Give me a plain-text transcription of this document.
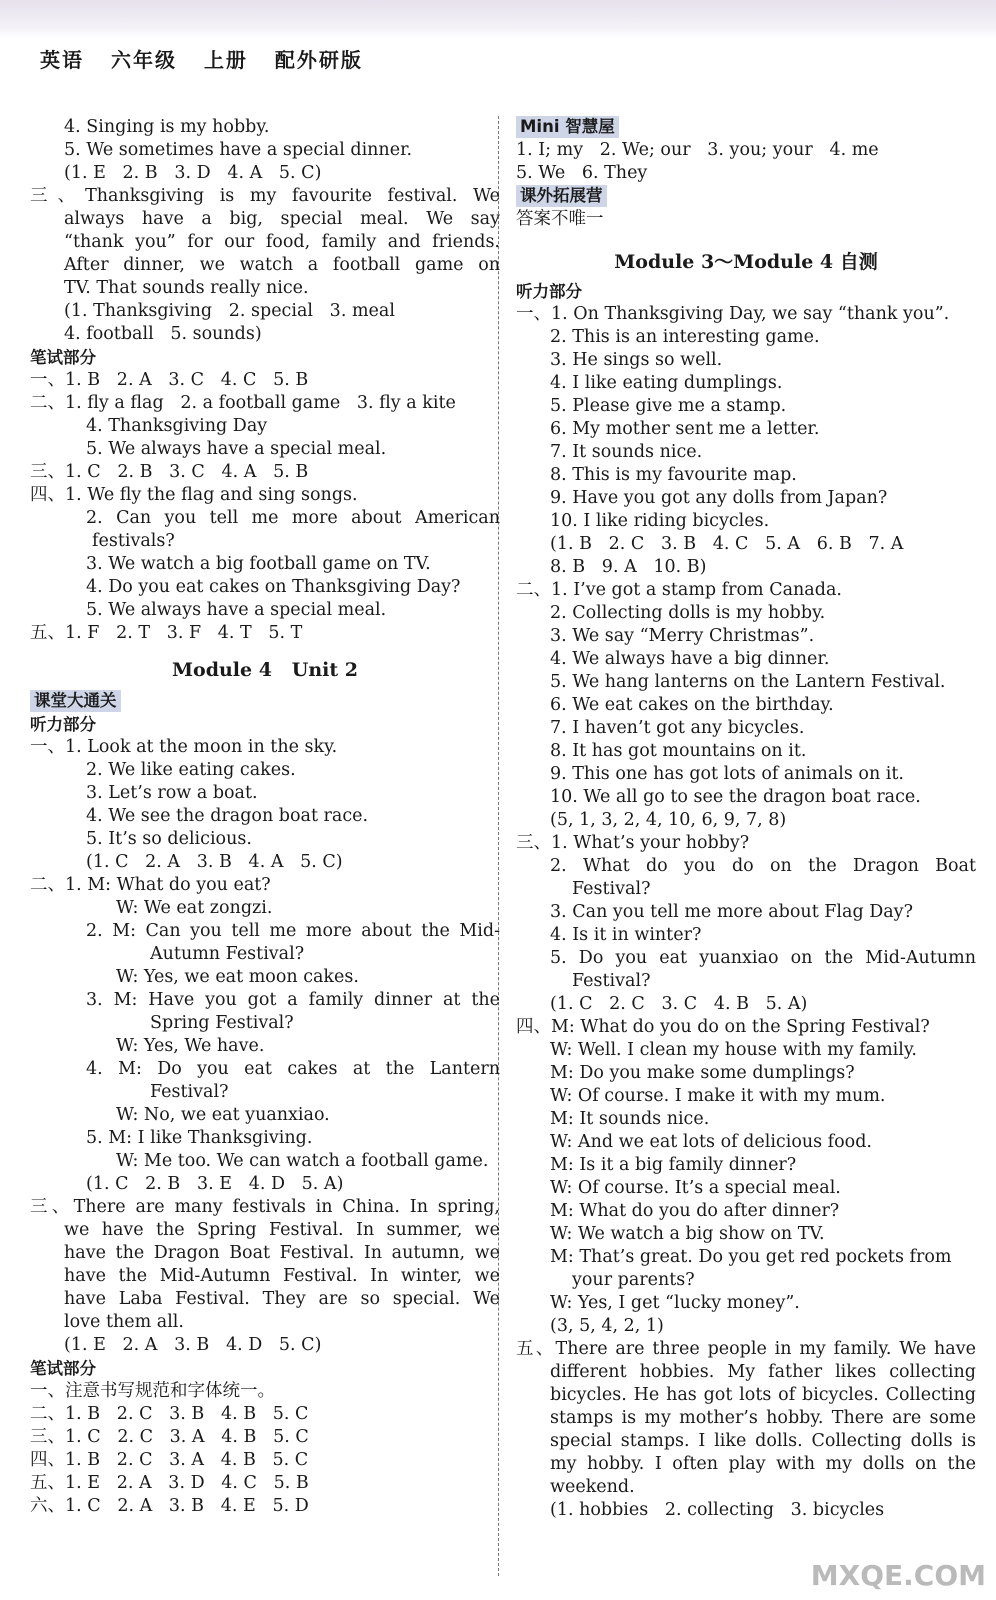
英语 六年级 上册 配外研版
4. Singing is my hobby.
5. We sometimes have a special dinner.
(1. E   2. B   3. D   4. A   5. C)
三、Thanksgiving is my favourite festival. We
always have a big, special meal. We say
“thank you” for our food, family and friends.
After dinner, we watch a football game on
TV. That sounds really nice.
(1. Thanksgiving   2. special   3. meal
4. football   5. sounds)
笔试部分
一、1. B   2. A   3. C   4. C   5. B
二、1. fly a flag   2. a football game   3. fly a kite
4. Thanksgiving Day
5. We always have a special meal.
三、1. C   2. B   3. C   4. A   5. B
四、1. We fly the flag and sing songs.
2. Can you tell me more about American
festivals?
3. We watch a big football game on TV.
4. Do you eat cakes on Thanksgiving Day?
5. We always have a special meal.
五、1. F   2. T   3. F   4. T   5. T
Module 4   Unit 2
课堂大通关
听力部分
一、1. Look at the moon in the sky.
2. We like eating cakes.
3. Let’s row a boat.
4. We see the dragon boat race.
5. It’s so delicious.
(1. C   2. A   3. B   4. A   5. C)
二、1. M: What do you eat?
W: We eat zongzi.
2. M: Can you tell me more about the Mid-
Autumn Festival?
W: Yes, we eat moon cakes.
3. M: Have you got a family dinner at the
Spring Festival?
W: Yes, We have.
4. M: Do you eat cakes at the Lantern
Festival?
W: No, we eat yuanxiao.
5. M: I like Thanksgiving.
W: Me too. We can watch a football game.
(1. C   2. B   3. E   4. D   5. A)
三、There are many festivals in China. In spring,
we have the Spring Festival. In summer, we
have the Dragon Boat Festival. In autumn, we
have the Mid-Autumn Festival. In winter, we
have Laba Festival. They are so special. We
love them all.
(1. E   2. A   3. B   4. D   5. C)
笔试部分
一、注意书写规范和字体统一。
二、1. B   2. C   3. B   4. B   5. C
三、1. C   2. C   3. A   4. B   5. C
四、1. B   2. C   3. A   4. B   5. C
五、1. E   2. A   3. D   4. C   5. B
六、1. C   2. A   3. B   4. E   5. D
Mini 智慧屋
1. I; my   2. We; our   3. you; your   4. me
5. We   6. They
课外拓展营
答案不唯一
Module 3～Module 4 自测
听力部分
一、1. On Thanksgiving Day, we say “thank you”.
2. This is an interesting game.
3. He sings so well.
4. I like eating dumplings.
5. Please give me a stamp.
6. My mother sent me a letter.
7. It sounds nice.
8. This is my favourite map.
9. Have you got any dolls from Japan?
10. I like riding bicycles.
(1. B   2. C   3. B   4. C   5. A   6. B   7. A
8. B   9. A   10. B)
二、1. I’ve got a stamp from Canada.
2. Collecting dolls is my hobby.
3. We say “Merry Christmas”.
4. We always have a big dinner.
5. We hang lanterns on the Lantern Festival.
6. We eat cakes on the birthday.
7. I haven’t got any bicycles.
8. It has got mountains on it.
9. This one has got lots of animals on it.
10. We all go to see the dragon boat race.
(5, 1, 3, 2, 4, 10, 6, 9, 7, 8)
三、1. What’s your hobby?
2. What do you do on the Dragon Boat
Festival?
3. Can you tell me more about Flag Day?
4. Is it in winter?
5. Do you eat yuanxiao on the Mid-Autumn
Festival?
(1. C   2. C   3. C   4. B   5. A)
四、M: What do you do on the Spring Festival?
W: Well. I clean my house with my family.
M: Do you make some dumplings?
W: Of course. I make it with my mum.
M: It sounds nice.
W: And we eat lots of delicious food.
M: Is it a big family dinner?
W: Of course. It’s a special meal.
M: What do you do after dinner?
W: We watch a big show on TV.
M: That’s great. Do you get red pockets from
your parents?
W: Yes, I get “lucky money”.
(3, 5, 4, 2, 1)
五、There are three people in my family. We have
different hobbies. My father likes collecting
bicycles. He has got lots of bicycles. Collecting
stamps is my mother’s hobby. There are some
special stamps. I like dolls. Collecting dolls is
my hobby. I often play with my dolls on the
weekend.
(1. hobbies   2. collecting   3. bicycles
MXQE.COM
